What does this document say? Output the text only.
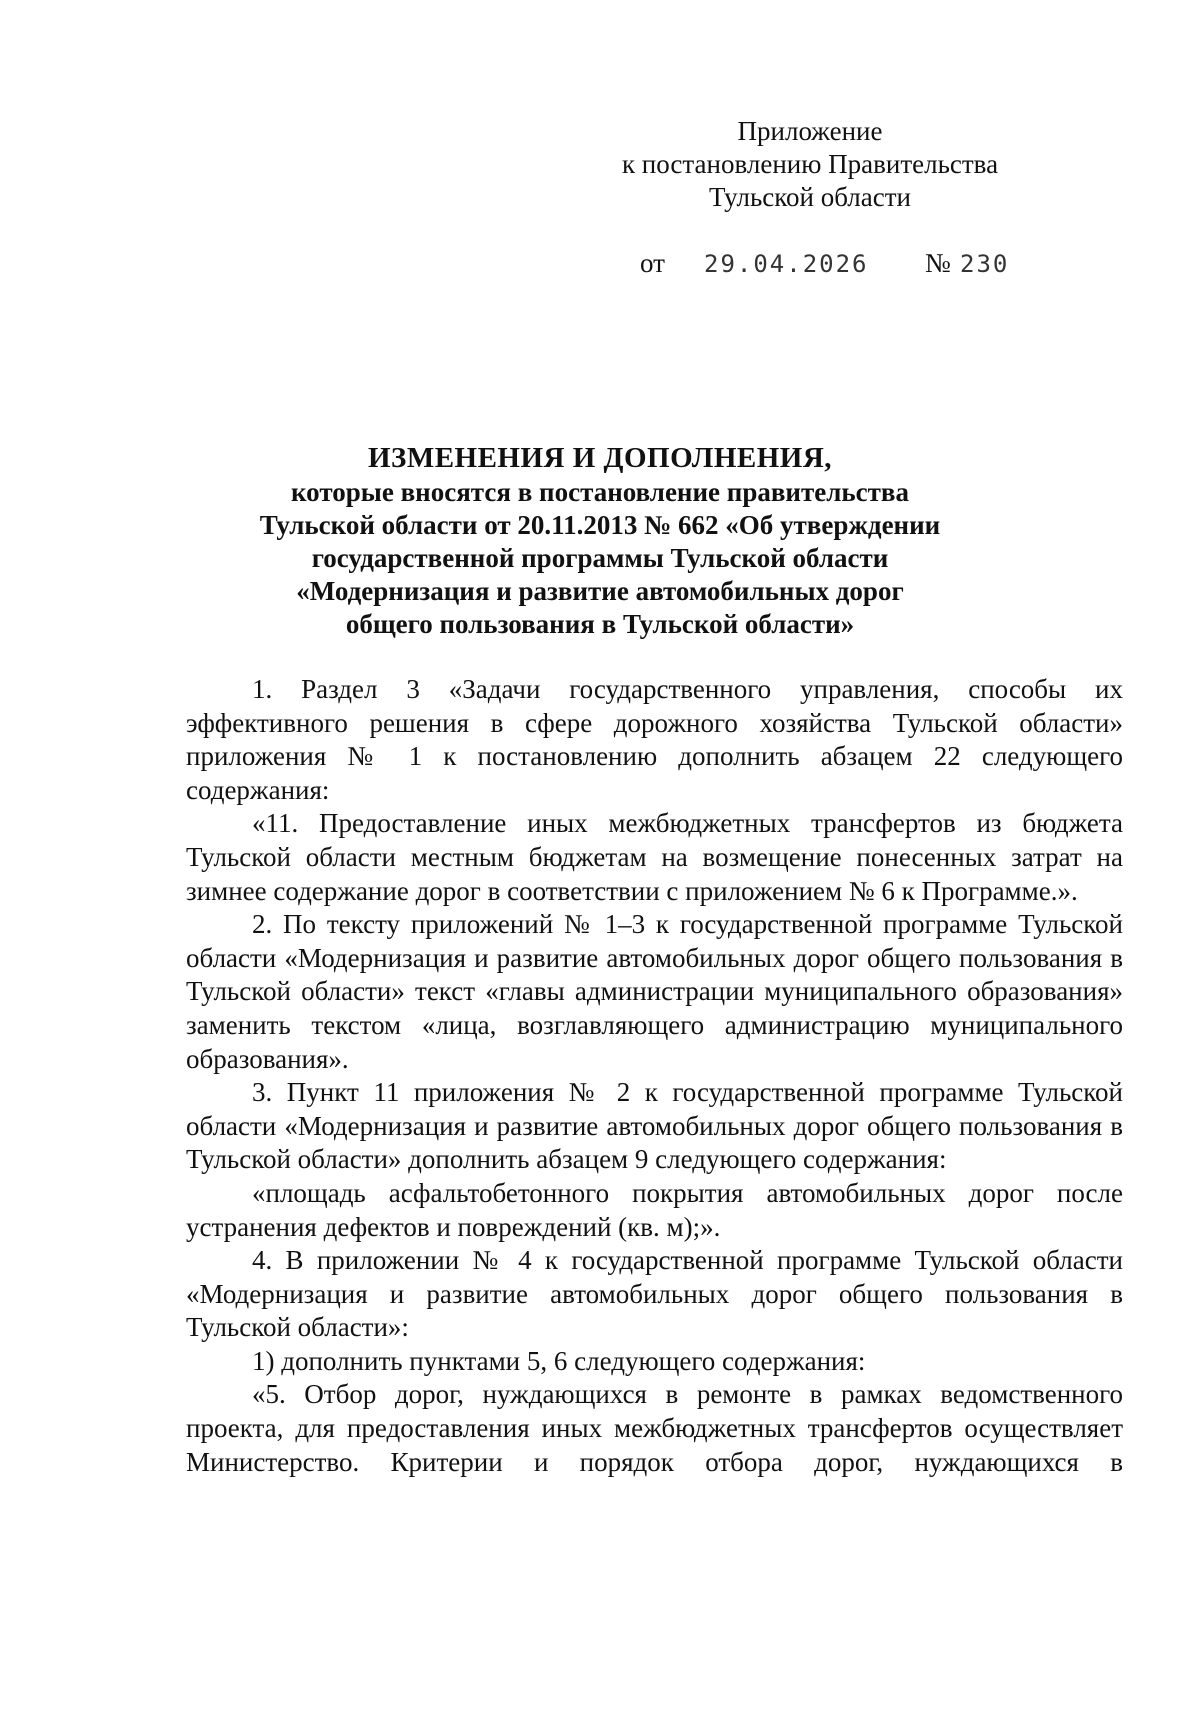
Приложение
к постановлению Правительства
Тульской области
от 29.04.2026 № 230
ИЗМЕНЕНИЯ И ДОПОЛНЕНИЯ,
которые вносятся в постановление правительства
Тульской области от 20.11.2013 № 662 «Об утверждении
государственной программы Тульской области
«Модернизация и развитие автомобильных дорог
общего пользования в Тульской области»

1. Раздел 3 «Задачи государственного управления, способы их эффективного решения в сфере дорожного хозяйства Тульской области» приложения № 1 к постановлению дополнить абзацем 22 следующего содержания:

«11. Предоставление иных межбюджетных трансфертов из бюджета Тульской области местным бюджетам на возмещение понесенных затрат на зимнее содержание дорог в соответствии с приложением № 6 к Программе.».

2. По тексту приложений № 1–3 к государственной программе Тульской области «Модернизация и развитие автомобильных дорог общего пользования в Тульской области» текст «главы администрации муниципального образования» заменить текстом «лица, возглавляющего администрацию муниципального образования».

3. Пункт 11 приложения № 2 к государственной программе Тульской области «Модернизация и развитие автомобильных дорог общего пользования в Тульской области» дополнить абзацем 9 следующего содержания:

«площадь асфальтобетонного покрытия автомобильных дорог после устранения дефектов и повреждений (кв. м);».

4. В приложении № 4 к государственной программе Тульской области «Модернизация и развитие автомобильных дорог общего пользования в Тульской области»:

1) дополнить пунктами 5, 6 следующего содержания:

«5. Отбор дорог, нуждающихся в ремонте в рамках ведомственного проекта, для предоставления иных межбюджетных трансфертов осуществляет Министерство. Критерии и порядок отбора дорог, нуждающихся в
